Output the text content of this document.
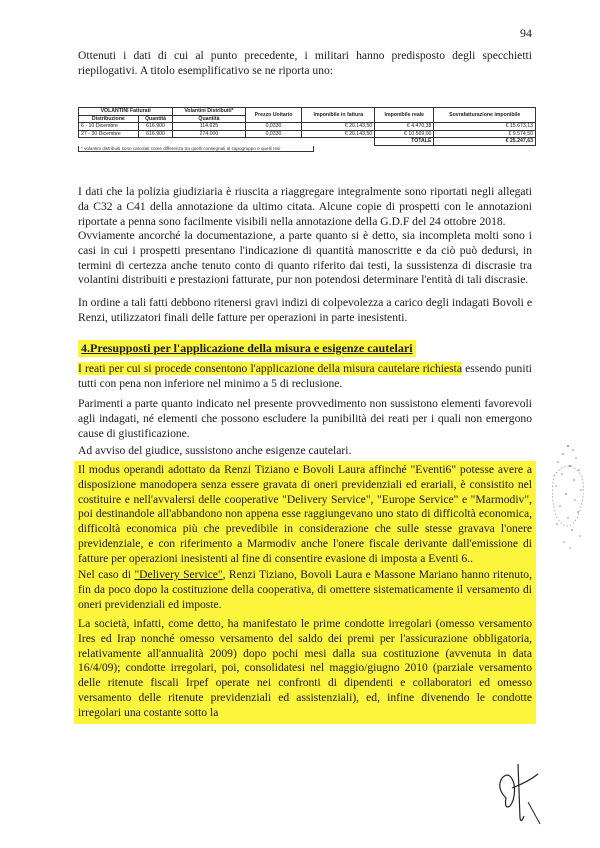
94

Ottenuti i dati di cui al punto precedente, i militari hanno predisposto degli specchietti riepilogativi. A titolo esemplificativo se ne riporta uno:

VOLANTINI Fatturati		Volantini Distribuiti*	Prezzo Unitario	Imponibile in fattura	Imponibile reale	Sovrafatturazione imponibile
Distribuzione	Quantità	Quantità				
6 - 10 Dicembre	616.900	114.625	0,0330	€ 20.143,50	€ 4.470,38	€ 15.673,13
27 - 30 Dicembre	616.900	274.000	0,0330	€ 20.143,50	€ 10.569,00	€ 9.574,50
					TOTALE	€ 25.247,63
* volantini distribuiti sono calcolati come differenza tra quelli consegnati al capogruppo e quelli resi

I dati che la polizia giudiziaria è riuscita a riaggregare integralmente sono riportati negli allegati da C32 a C41 della annotazione da ultimo citata. Alcune copie di prospetti con le annotazioni riportate a penna sono facilmente visibili nella annotazione della G.D.F del 24 ottobre 2018.

Ovviamente ancorché la documentazione, a parte quanto si è detto, sia incompleta molti sono i casi in cui i prospetti presentano l'indicazione di quantità manoscritte e da ciò può dedursi, in termini di certezza anche tenuto conto di quanto riferito dai testi, la sussistenza di discrasie tra volantini distribuiti e prestazioni fatturate, pur non potendosi determinare l'entità di tali discrasie.

In ordine a tali fatti debbono ritenersi gravi indizi di colpevolezza a carico degli indagati Bovoli e Renzi, utilizzatori finali delle fatture per operazioni in parte inesistenti.

4.Presupposti per l'applicazione della misura e esigenze cautelari

I reati per cui si procede consentono l'applicazione della misura cautelare richiesta essendo puniti tutti con pena non inferiore nel minimo a 5 di reclusione.

Parimenti a parte quanto indicato nel presente provvedimento non sussistono elementi favorevoli agli indagati, né elementi che possono escludere la punibilità dei reati per i quali non emergono cause di giustificazione.

Ad avviso del giudice, sussistono anche esigenze cautelari.

Il modus operandi adottato da Renzi Tiziano e Bovoli Laura affinché "Eventi6" potesse avere a disposizione manodopera senza essere gravata di oneri previdenziali ed erariali, è consistito nel costituire e nell'avvalersi delle cooperative "Delivery Service", "Europe Service" e "Marmodiv", poi destinandole all'abbandono non appena esse raggiungevano uno stato di difficoltà economica, difficoltà economica più che prevedibile in considerazione che sulle stesse gravava l'onere previdenziale, e con riferimento a Marmodiv anche l'onere fiscale derivante dall'emissione di fatture per operazioni inesistenti al fine di consentire evasione di imposta a Eventi 6..

Nel caso di "Delivery Service", Renzi Tiziano, Bovoli Laura e Massone Mariano hanno ritenuto, fin da poco dopo la costituzione della cooperativa, di omettere sistematicamente il versamento di oneri previdenziali ed imposte.

La società, infatti, come detto, ha manifestato le prime condotte irregolari (omesso versamento Ires ed Irap nonché omesso versamento del saldo dei premi per l'assicurazione obbligatoria, relativamente all'annualità 2009) dopo pochi mesi dalla sua costituzione (avvenuta in data 16/4/09); condotte irregolari, poi, consolidatesi nel maggio/giugno 2010 (parziale versamento delle ritenute fiscali Irpef operate nei confronti di dipendenti e collaboratori ed omesso versamento delle ritenute previdenziali ed assistenziali), ed, infine divenendo le condotte irregolari una costante sotto la
